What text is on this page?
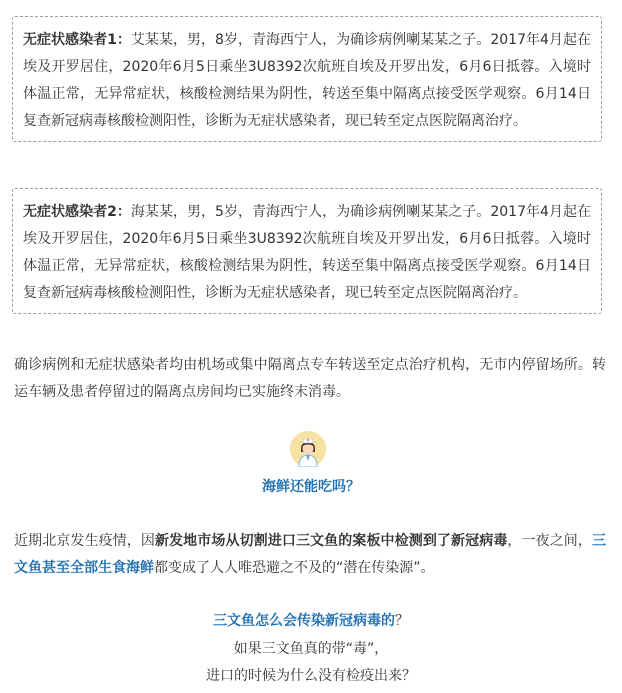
无症状感染者1：艾某某，男，8岁，青海西宁人，为确诊病例喇某某之子。2017年4月起在埃及开罗居住，2020年6月5日乘坐3U8392次航班自埃及开罗出发，6月6日抵蓉。入境时体温正常，无异常症状，核酸检测结果为阴性，转送至集中隔离点接受医学观察。6月14日复查新冠病毒核酸检测阳性，诊断为无症状感染者，现已转至定点医院隔离治疗。
无症状感染者2：海某某，男，5岁，青海西宁人，为确诊病例喇某某之子。2017年4月起在埃及开罗居住，2020年6月5日乘坐3U8392次航班自埃及开罗出发，6月6日抵蓉。入境时体温正常，无异常症状，核酸检测结果为阴性，转送至集中隔离点接受医学观察。6月14日复查新冠病毒核酸检测阳性，诊断为无症状感染者，现已转至定点医院隔离治疗。
确诊病例和无症状感染者均由机场或集中隔离点专车转送至定点治疗机构，无市内停留场所。转运车辆及患者停留过的隔离点房间均已实施终末消毒。
海鲜还能吃吗？
近期北京发生疫情，因新发地市场从切割进口三文鱼的案板中检测到了新冠病毒，一夜之间，三文鱼甚至全部生食海鲜都变成了人人唯恐避之不及的“潜在传染源”。
三文鱼怎么会传染新冠病毒的？
如果三文鱼真的带“毒”，
进口的时候为什么没有检疫出来？
